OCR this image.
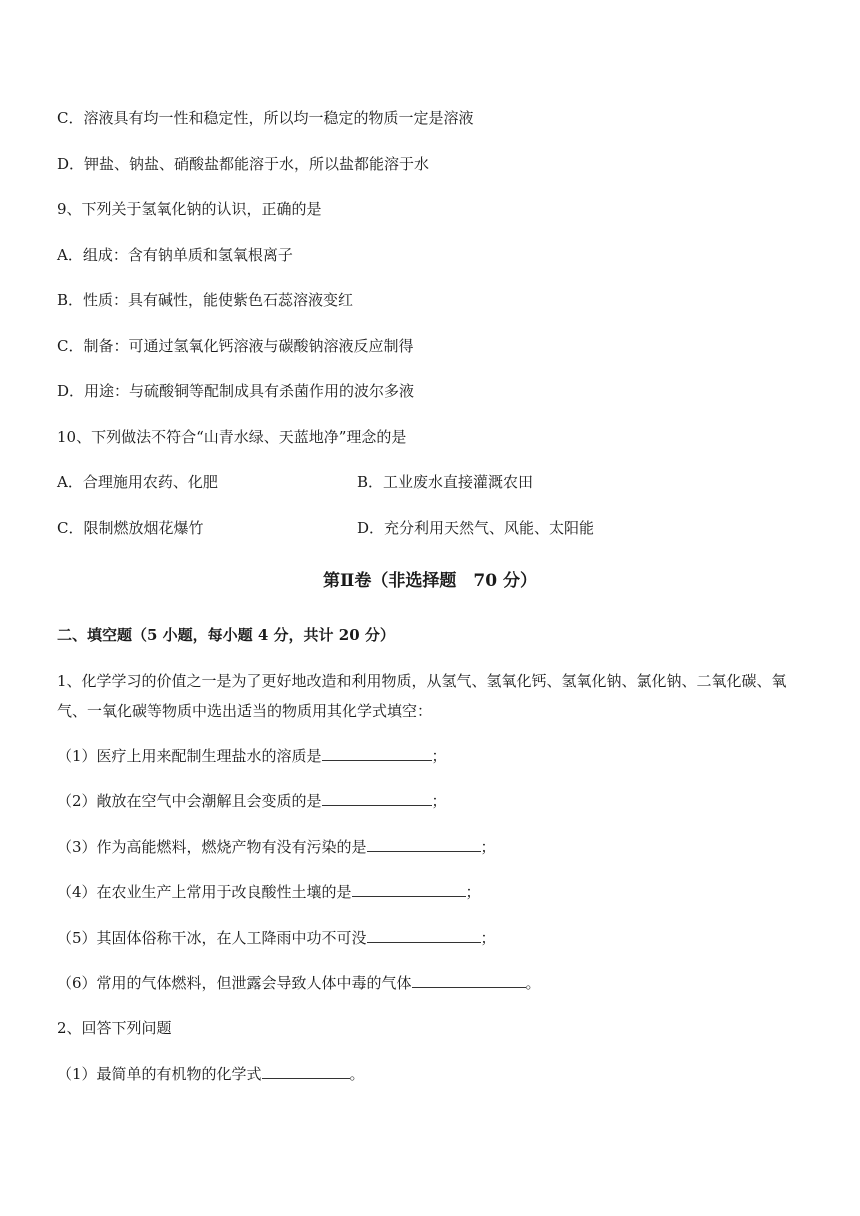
C．溶液具有均一性和稳定性，所以均一稳定的物质一定是溶液
D．钾盐、钠盐、硝酸盐都能溶于水，所以盐都能溶于水
9、下列关于氢氧化钠的认识，正确的是
A．组成：含有钠单质和氢氧根离子
B．性质：具有碱性，能使紫色石蕊溶液变红
C．制备：可通过氢氧化钙溶液与碳酸钠溶液反应制得
D．用途：与硫酸铜等配制成具有杀菌作用的波尔多液
10、下列做法不符合“山青水绿、天蓝地净”理念的是
A．合理施用农药、化肥	B．工业废水直接灌溉农田
C．限制燃放烟花爆竹	D．充分利用天然气、风能、太阳能
第Ⅱ卷（非选择题　70 分）
二、填空题（5 小题，每小题 4 分，共计 20 分）
1、化学学习的价值之一是为了更好地改造和利用物质，从氢气、氢氧化钙、氢氧化钠、氯化钠、二氧化碳、氧气、一氧化碳等物质中选出适当的物质用其化学式填空：
（1）医疗上用来配制生理盐水的溶质是	；
（2）敞放在空气中会潮解且会变质的是	；
（3）作为高能燃料，燃烧产物有没有污染的是	；
（4）在农业生产上常用于改良酸性土壤的是	；
（5）其固体俗称干冰，在人工降雨中功不可没	；
（6）常用的气体燃料，但泄露会导致人体中毒的气体	。
2、回答下列问题
（1）最简单的有机物的化学式	。
